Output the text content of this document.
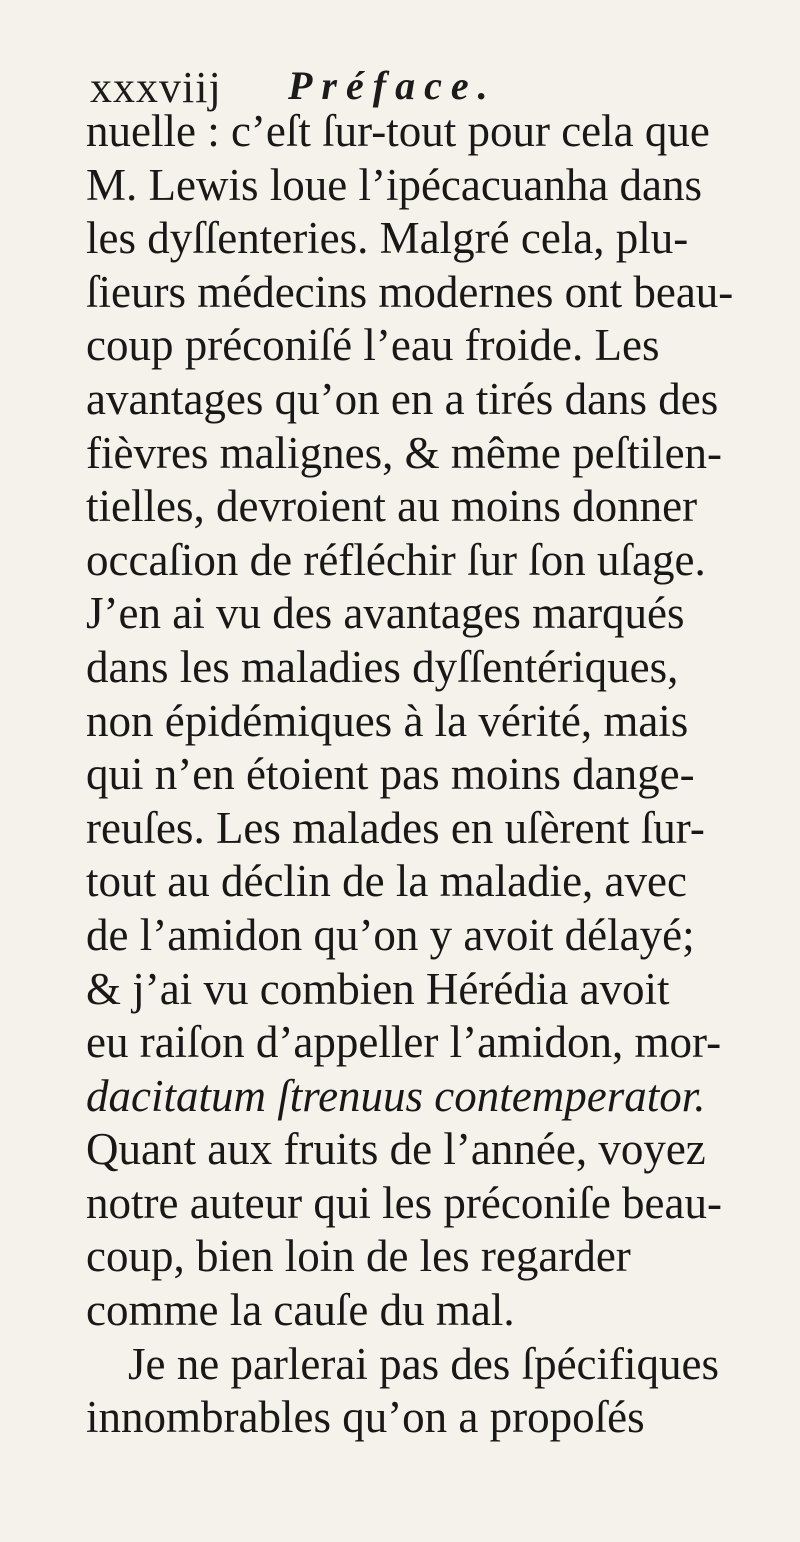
xxxviij Préface.
nuelle : c’eſt ſur-tout pour cela que
M. Lewis loue l’ipécacuanha dans
les dyſſenteries. Malgré cela, plu-
ſieurs médecins modernes ont beau-
coup préconiſé l’eau froide. Les
avantages qu’on en a tirés dans des
fièvres malignes, & même peſtilen-
tielles, devroient au moins donner
occaſion de réfléchir ſur ſon uſage.
J’en ai vu des avantages marqués
dans les maladies dyſſentériques,
non épidémiques à la vérité, mais
qui n’en étoient pas moins dange-
reuſes. Les malades en uſèrent ſur-
tout au déclin de la maladie, avec
de l’amidon qu’on y avoit délayé;
& j’ai vu combien Hérédia avoit
eu raiſon d’appeller l’amidon, mor-
dacitatum ſtrenuus contemperator.
Quant aux fruits de l’année, voyez
notre auteur qui les préconiſe beau-
coup, bien loin de les regarder
comme la cauſe du mal.
Je ne parlerai pas des ſpécifiques
innombrables qu’on a propoſés
